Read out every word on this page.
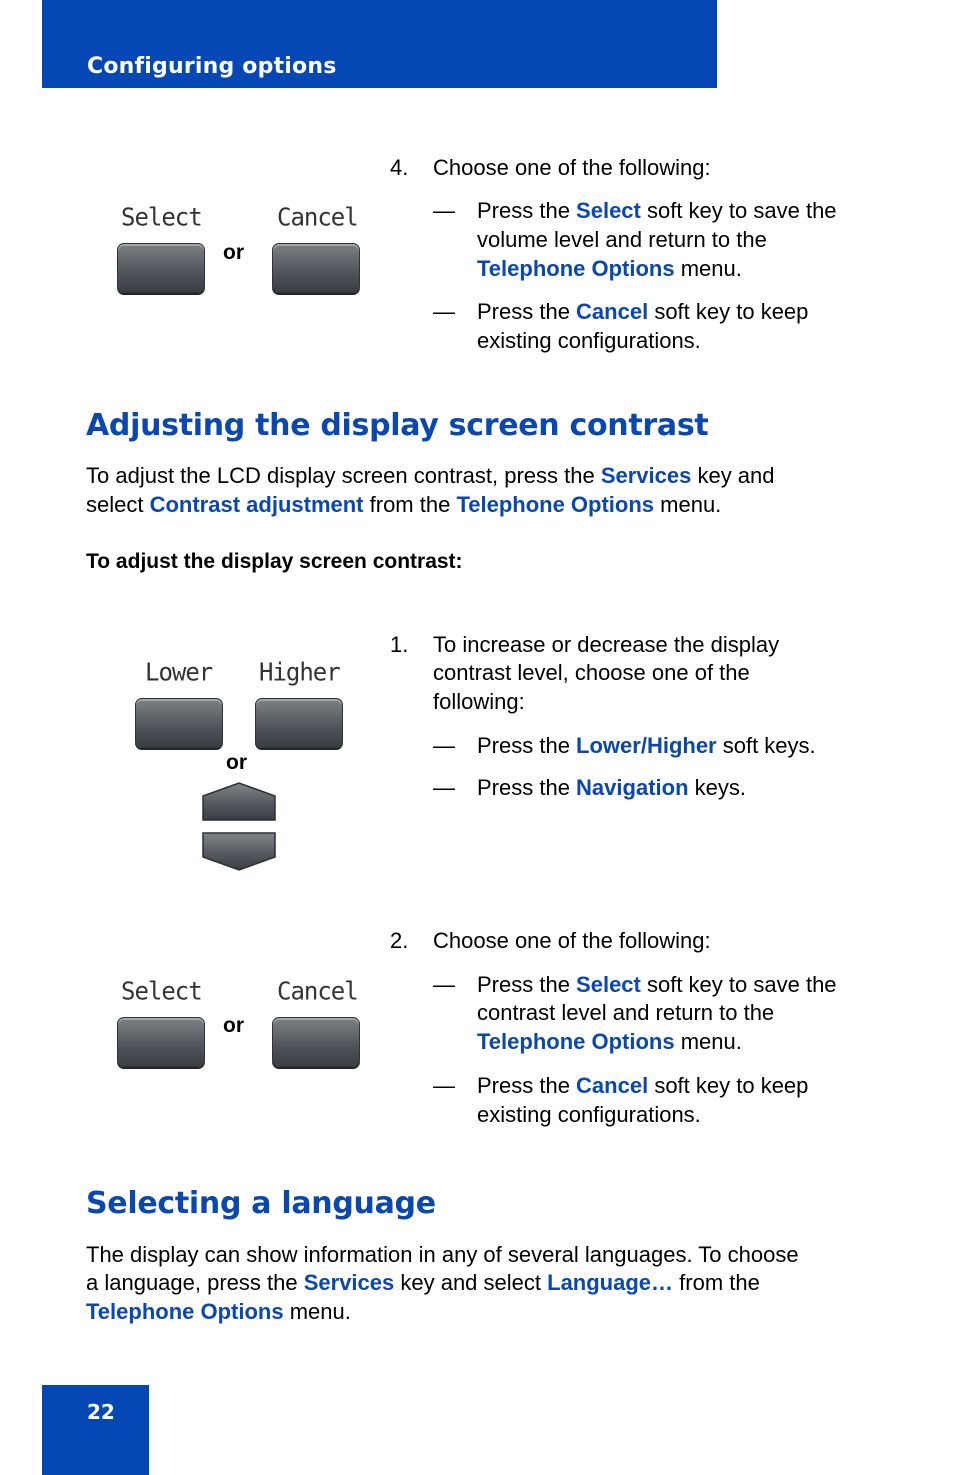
Configuring options
Select	Cancel
or
4. Choose one of the following:
— Press the Select soft key to save the
volume level and return to the
Telephone Options menu.
— Press the Cancel soft key to keep
existing configurations.
Adjusting the display screen contrast
To adjust the LCD display screen contrast, press the Services key and
select Contrast adjustment from the Telephone Options menu.
To adjust the display screen contrast:
Lower Higher
or
1. To increase or decrease the display
contrast level, choose one of the
following:
— Press the Lower/Higher soft keys.
— Press the Navigation keys.
Select	Cancel
or
2. Choose one of the following:
— Press the Select soft key to save the
contrast level and return to the
Telephone Options menu.
— Press the Cancel soft key to keep
existing configurations.
Selecting a language
The display can show information in any of several languages. To choose
a language, press the Services key and select Language… from the
Telephone Options menu.
22
